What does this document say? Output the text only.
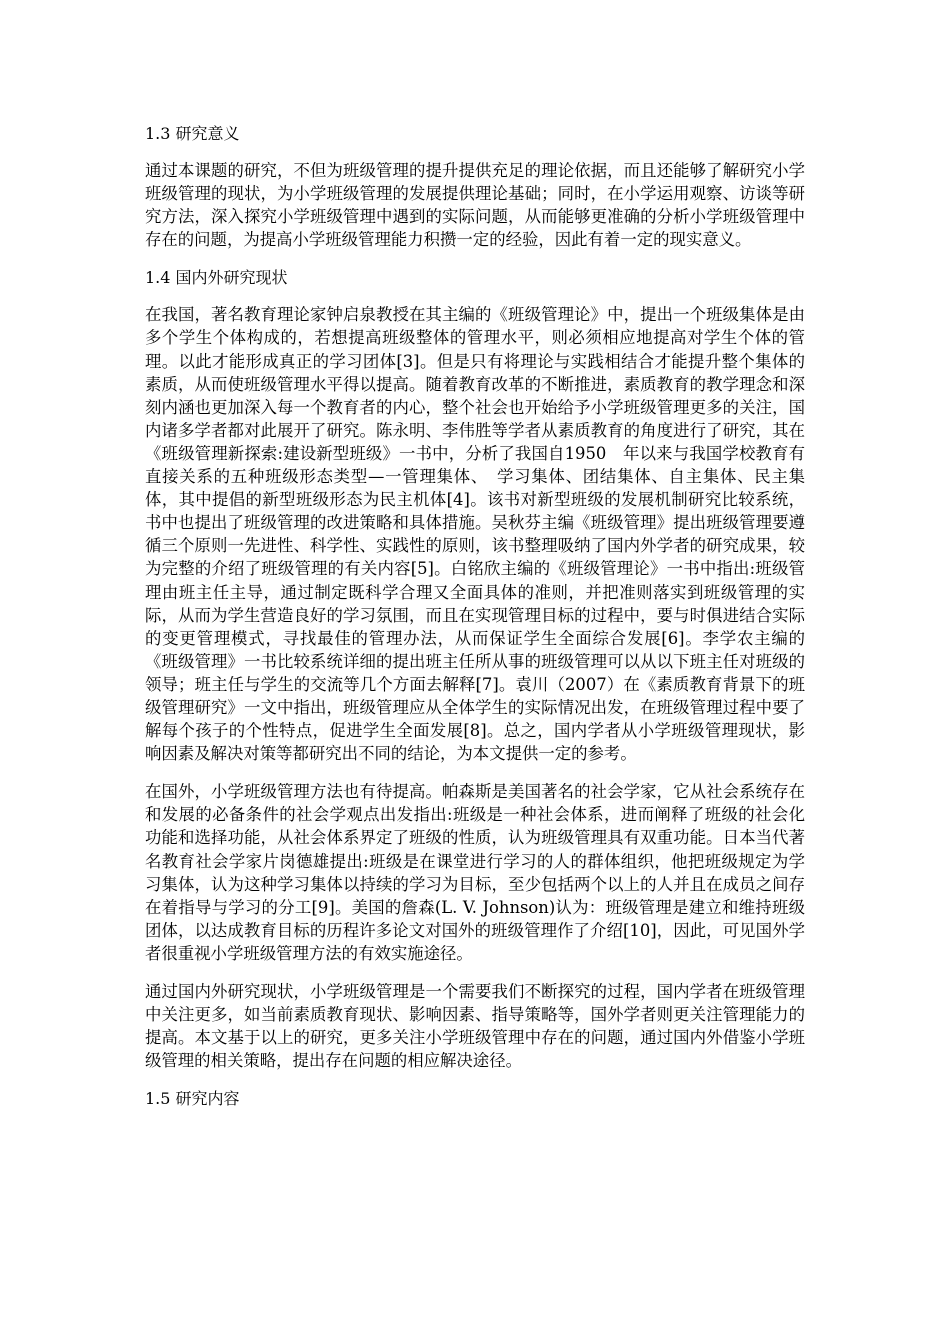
1.3 研究意义

通过本课题的研究，不但为班级管理的提升提供充足的理论依据，而且还能够了解研究小学班级管理的现状，为小学班级管理的发展提供理论基础；同时，在小学运用观察、访谈等研究方法，深入探究小学班级管理中遇到的实际问题，从而能够更准确的分析小学班级管理中存在的问题，为提高小学班级管理能力积攒一定的经验，因此有着一定的现实意义。

1.4 国内外研究现状

在我国，著名教育理论家钟启泉教授在其主编的《班级管理论》中，提出一个班级集体是由多个学生个体构成的，若想提高班级整体的管理水平，则必须相应地提高对学生个体的管理。以此才能形成真正的学习团体[3]。但是只有将理论与实践相结合才能提升整个集体的素质，从而使班级管理水平得以提高。随着教育改革的不断推进，素质教育的教学理念和深刻内涵也更加深入每一个教育者的内心，整个社会也开始给予小学班级管理更多的关注，国内诸多学者都对此展开了研究。陈永明、李伟胜等学者从素质教育的角度进行了研究，其在《班级管理新探索:建设新型班级》一书中，分析了我国自1950　年以来与我国学校教育有直接关系的五种班级形态类型—一管理集体、　学习集体、团结集体、自主集体、民主集体，其中提倡的新型班级形态为民主机体[4]。该书对新型班级的发展机制研究比较系统，书中也提出了班级管理的改进策略和具体措施。吴秋芬主编《班级管理》提出班级管理要遵循三个原则一先进性、科学性、实践性的原则，该书整理吸纳了国内外学者的研究成果，较为完整的介绍了班级管理的有关内容[5]。白铭欣主编的《班级管理论》一书中指出:班级管理由班主任主导，通过制定既科学合理又全面具体的准则，并把准则落实到班级管理的实际，从而为学生营造良好的学习氛围，而且在实现管理目标的过程中，要与时俱进结合实际的变更管理模式，寻找最佳的管理办法，从而保证学生全面综合发展[6]。李学农主编的《班级管理》一书比较系统详细的提出班主任所从事的班级管理可以从以下班主任对班级的领导；班主任与学生的交流等几个方面去解释[7]。袁川（2007）在《素质教育背景下的班级管理研究》一文中指出，班级管理应从全体学生的实际情况出发，在班级管理过程中要了解每个孩子的个性特点，促进学生全面发展[8]。总之，国内学者从小学班级管理现状，影响因素及解决对策等都研究出不同的结论，为本文提供一定的参考。

在国外，小学班级管理方法也有待提高。帕森斯是美国著名的社会学家，它从社会系统存在和发展的必备条件的社会学观点出发指出:班级是一种社会体系，进而阐释了班级的社会化功能和选择功能，从社会体系界定了班级的性质，认为班级管理具有双重功能。日本当代著名教育社会学家片岗德雄提出:班级是在课堂进行学习的人的群体组织，他把班级规定为学习集体，认为这种学习集体以持续的学习为目标，至少包括两个以上的人并且在成员之间存在着指导与学习的分工[9]。美国的詹森(L. V. Johnson)认为：班级管理是建立和维持班级团体，以达成教育目标的历程许多论文对国外的班级管理作了介绍[10]，因此，可见国外学者很重视小学班级管理方法的有效实施途径。

通过国内外研究现状，小学班级管理是一个需要我们不断探究的过程，国内学者在班级管理中关注更多，如当前素质教育现状、影响因素、指导策略等，国外学者则更关注管理能力的提高。本文基于以上的研究，更多关注小学班级管理中存在的问题，通过国内外借鉴小学班级管理的相关策略，提出存在问题的相应解决途径。

1.5 研究内容
